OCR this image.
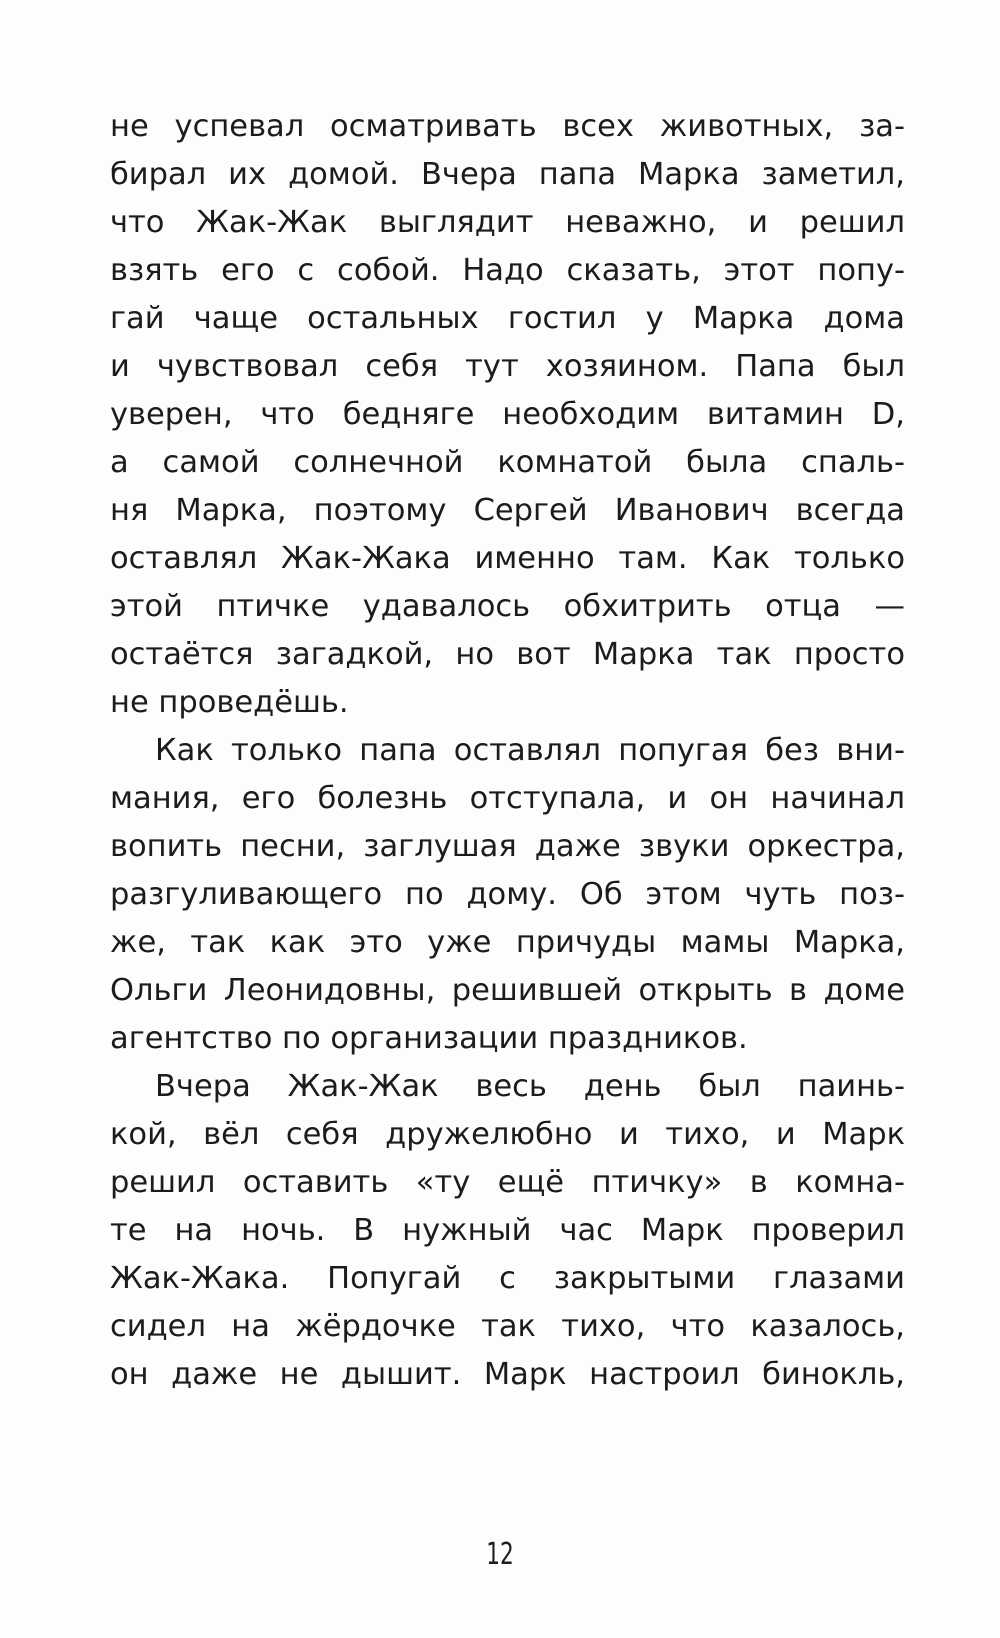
не успевал осматривать всех животных, за-
бирал их домой. Вчера папа Марка заметил,
что Жак-Жак выглядит неважно, и решил
взять его с собой. Надо сказать, этот попу-
гай чаще остальных гостил у Марка дома
и чувствовал себя тут хозяином. Папа был
уверен, что бедняге необходим витамин D,
а самой солнечной комнатой была спаль-
ня Марка, поэтому Сергей Иванович всегда
оставлял Жак-Жака именно там. Как только
этой птичке удавалось обхитрить отца —
остаётся загадкой, но вот Марка так просто
не проведёшь.
Как только папа оставлял попугая без вни-
мания, его болезнь отступала, и он начинал
вопить песни, заглушая даже звуки оркестра,
разгуливающего по дому. Об этом чуть поз-
же, так как это уже причуды мамы Марка,
Ольги Леонидовны, решившей открыть в доме
агентство по организации праздников.
Вчера Жак-Жак весь день был паинь-
кой, вёл себя дружелюбно и тихо, и Марк
решил оставить «ту ещё птичку» в комна-
те на ночь. В нужный час Марк проверил
Жак-Жака. Попугай с закрытыми глазами
сидел на жёрдочке так тихо, что казалось,
он даже не дышит. Марк настроил бинокль,
12
